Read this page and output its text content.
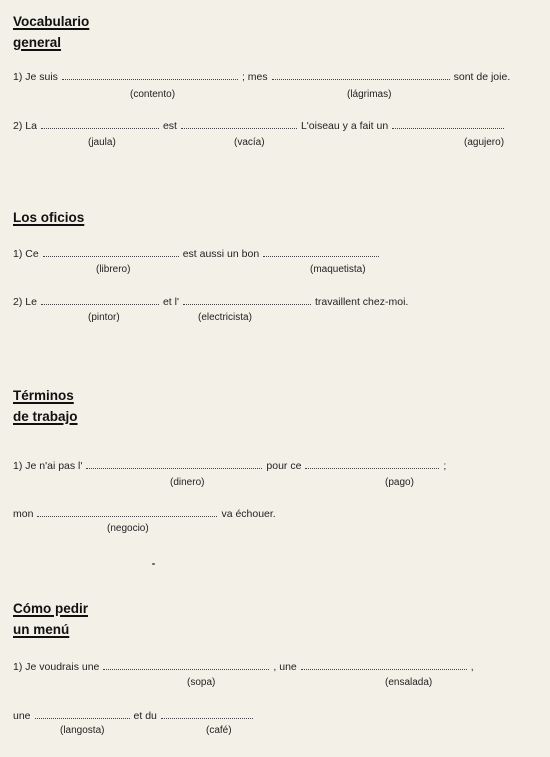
Vocabulario
general
1) Je suis	; mes	sont de joie.
(contento)	(lágrimas)
2) La	est	L'oiseau y a fait un
(jaula)	(vacía)	(agujero)
Los oficios
1) Ce	est aussi un bon
(librero)	(maquetista)
2) Le	et l'	travaillent chez-moi.
(pintor)	(electricista)
Términos
de trabajo
1) Je n'ai pas l'	pour ce	;
(dinero)	(pago)
mon	va échouer.
(negocio)
Cómo pedir
un menú
1) Je voudrais une	, une	,
(sopa)	(ensalada)
une	et du
(langosta)	(café)
